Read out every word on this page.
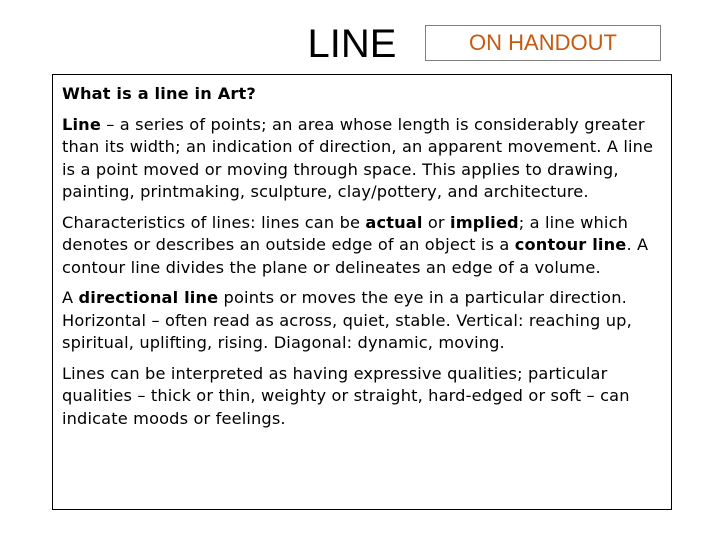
LINE	ON HANDOUT

What is a line in Art?

Line – a series of points; an area whose length is considerably greater than its width; an indication of direction, an apparent movement. A line is a point moved or moving through space. This applies to drawing, painting, printmaking, sculpture, clay/pottery, and architecture.

Characteristics of lines: lines can be actual or implied; a line which denotes or describes an outside edge of an object is a contour line. A contour line divides the plane or delineates an edge of a volume.

A directional line points or moves the eye in a particular direction. Horizontal – often read as across, quiet, stable. Vertical: reaching up, spiritual, uplifting, rising. Diagonal: dynamic, moving.

Lines can be interpreted as having expressive qualities; particular qualities – thick or thin, weighty or straight, hard-edged or soft – can indicate moods or feelings.
